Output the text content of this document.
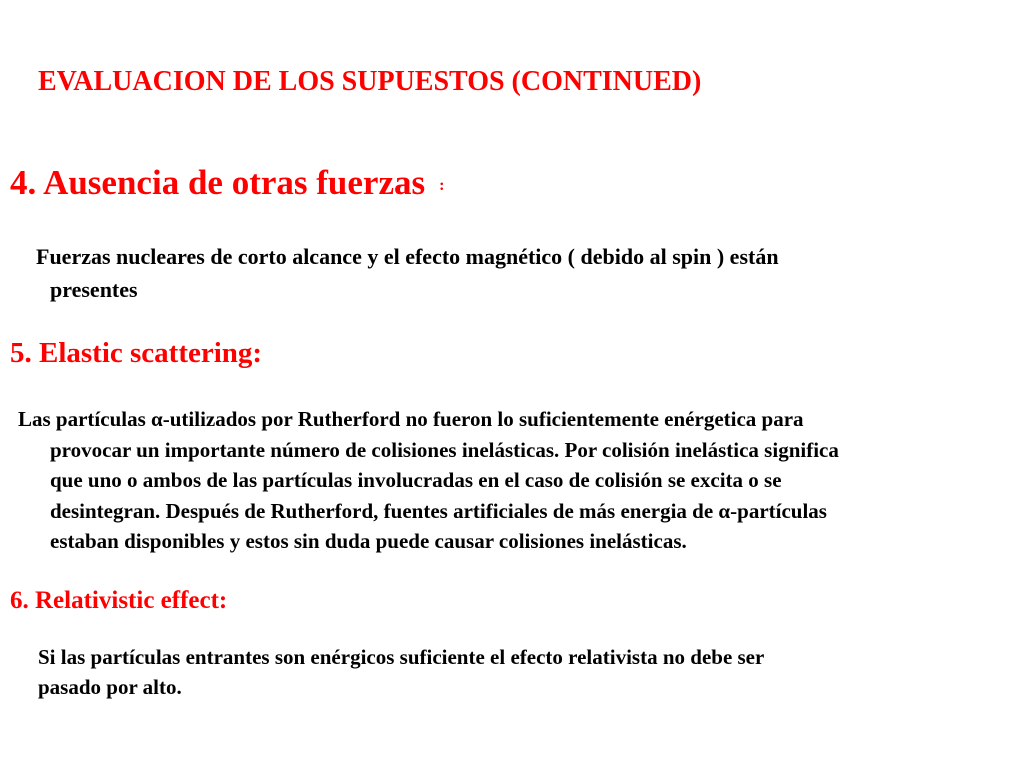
EVALUACION DE LOS SUPUESTOS (CONTINUED)
4. Ausencia de otras fuerzas :
Fuerzas nucleares de corto alcance y el efecto magnético ( debido al spin ) están
presentes
5. Elastic scattering:
Las partículas α-utilizados por Rutherford no fueron lo suficientemente enérgetica para
provocar un importante número de colisiones inelásticas. Por colisión inelástica significa
que uno o ambos de las partículas involucradas en el caso de colisión se excita o se
desintegran. Después de Rutherford, fuentes artificiales de más energia de α-partículas
estaban disponibles y estos sin duda puede causar colisiones inelásticas.
6. Relativistic effect:
Si las partículas entrantes son enérgicos suficiente el efecto relativista no debe ser
pasado por alto.
